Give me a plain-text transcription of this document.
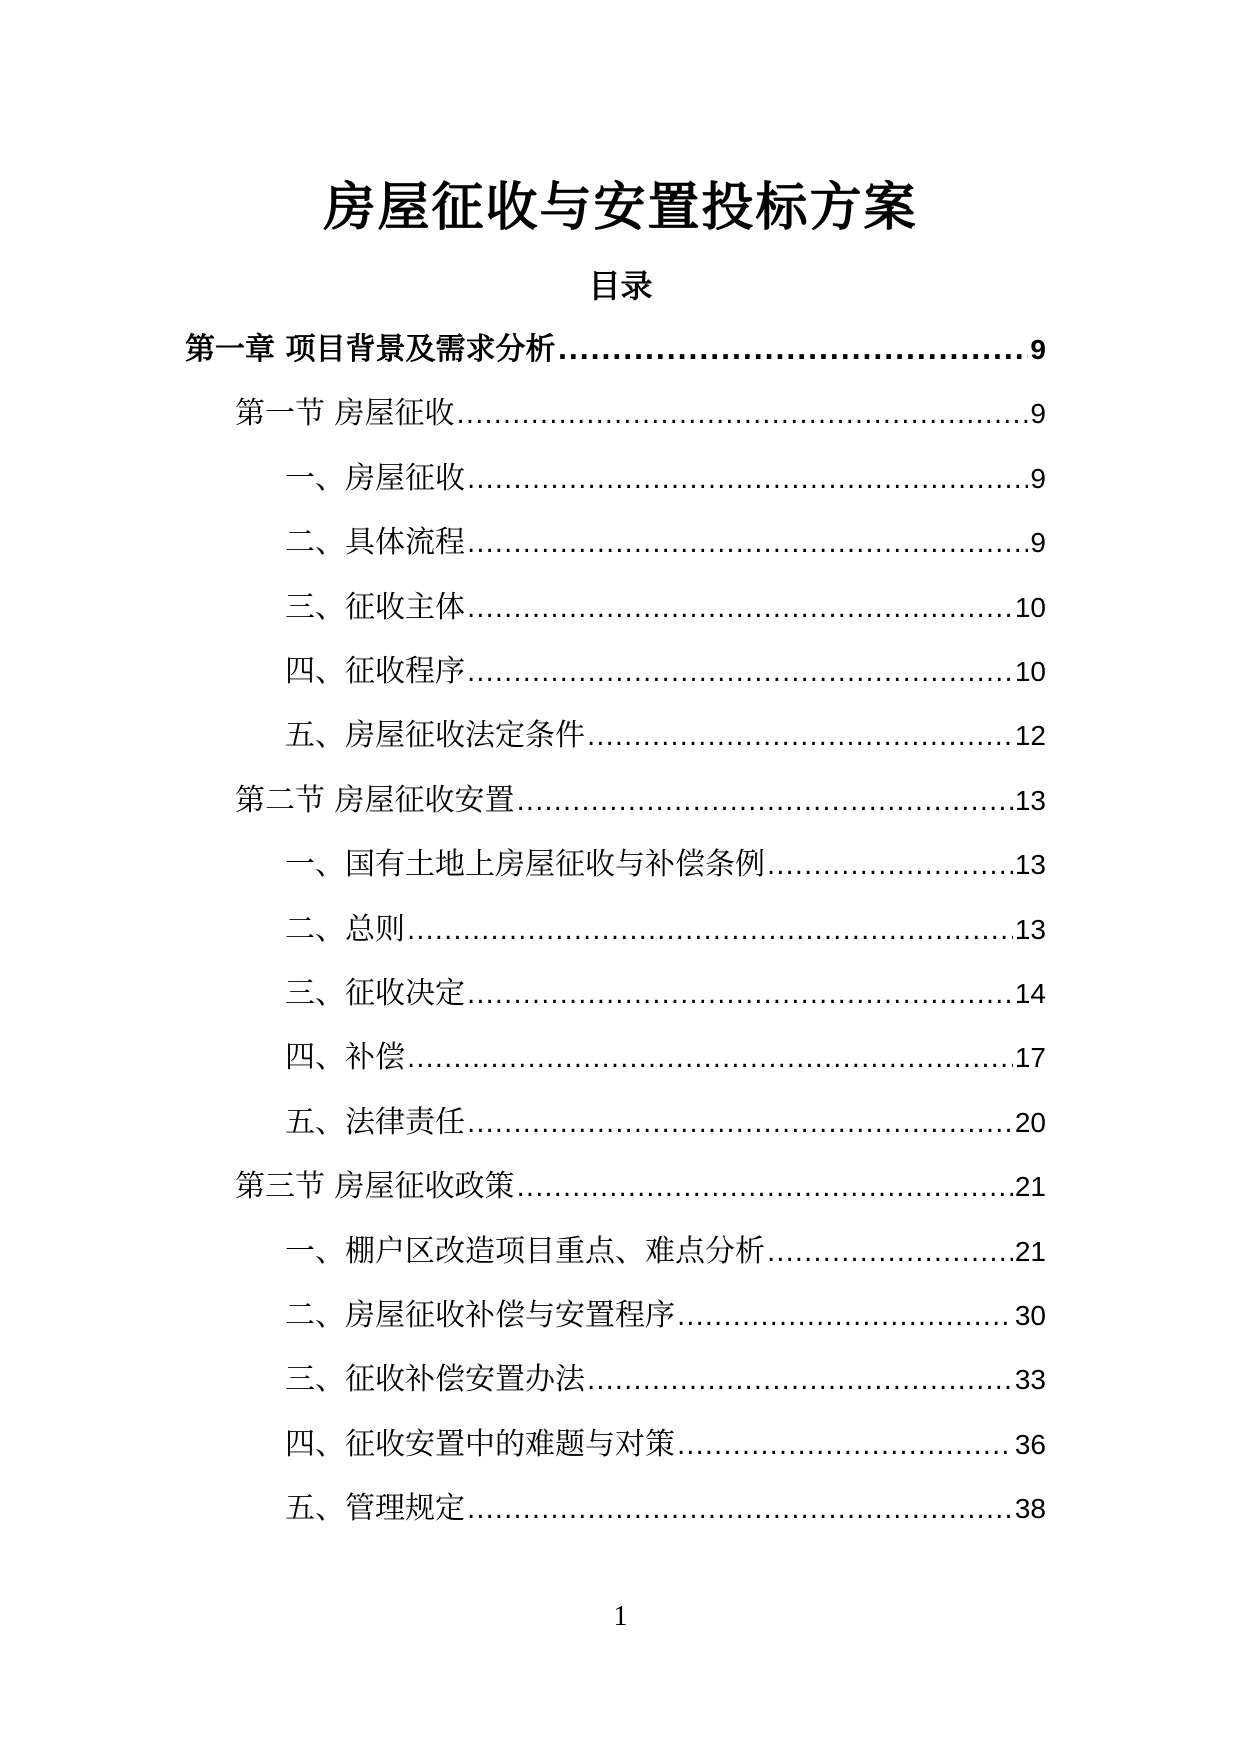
房屋征收与安置投标方案
目录
第一章 项目背景及需求分析 .....	9
第一节 房屋征收 .....	9
一、房屋征收 .....	9
二、具体流程 .....	9
三、征收主体 .....	10
四、征收程序 .....	10
五、房屋征收法定条件 .....	12
第二节 房屋征收安置 .....	13
一、国有土地上房屋征收与补偿条例 .....	13
二、总则 .....	13
三、征收决定 .....	14
四、补偿 .....	17
五、法律责任 .....	20
第三节 房屋征收政策 .....	21
一、棚户区改造项目重点、难点分析 .....	21
二、房屋征收补偿与安置程序 .....	30
三、征收补偿安置办法 .....	33
四、征收安置中的难题与对策 .....	36
五、管理规定 .....	38
1
